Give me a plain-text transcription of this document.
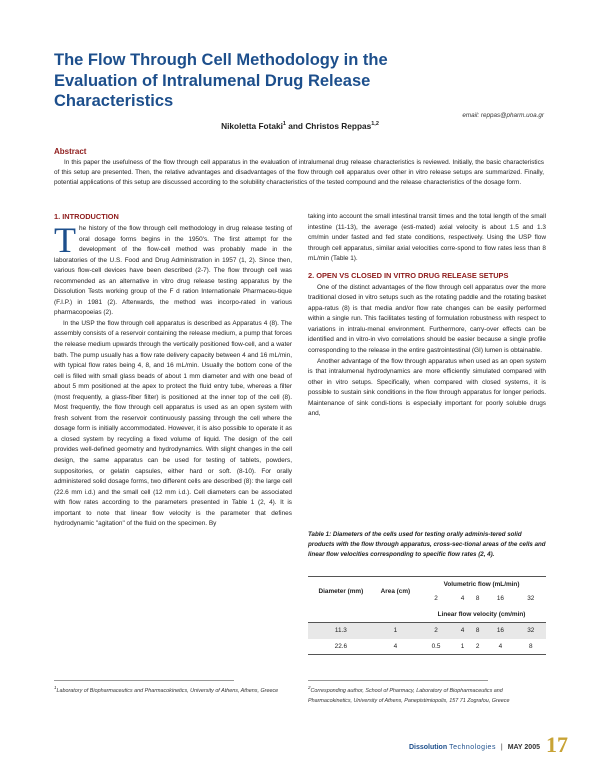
The Flow Through Cell Methodology in the Evaluation of Intralumenal Drug Release Characteristics
email: reppas@pharm.uoa.gr
Nikoletta Fotaki$^1$ and Christos Reppas$^{1,2}$
Abstract

In this paper the usefulness of the flow through cell apparatus in the evaluation of intralumenal drug release characteristics is reviewed. Initially, the basic characteristics of this setup are presented. Then, the relative advantages and disadvantages of the flow through cell apparatus over other in vitro release setups are summarized. Finally, potential applications of this setup are discussed according to the solubility characteristics of the tested compound and the release characteristics of the dosage form.

1. INTRODUCTION
T he history of the flow through cell methodology in drug release testing of oral dosage forms begins in the 1950's. The first attempt for the development of the flow-cell method was probably made in the laboratories of the U.S. Food and Drug Administration in 1957 (1, 2). Since then, various flow-cell devices have been described (2-7). The flow through cell was recommended as an alternative in vitro drug release testing apparatus by the Dissolution Tests working group of the F d ration Internationale Pharmaceu-tique (F.I.P.) in 1981 (2). Afterwards, the method was incorpo-rated in various pharmacopoeias (2).

In the USP the flow through cell apparatus is described as Apparatus 4 (8). The assembly consists of a reservoir containing the release medium, a pump that forces the release medium upwards through the vertically positioned flow-cell, and a water bath. The pump usually has a flow rate delivery capacity between 4 and 16 mL/min, with typical flow rates being 4, 8, and 16 mL/min. Usually the bottom cone of the cell is filled with small glass beads of about 1 mm diameter and with one bead of about 5 mm positioned at the apex to protect the fluid entry tube, whereas a filter (most frequently, a glass-fiber filter) is positioned at the inner top of the cell (8). Most frequently, the flow through cell apparatus is used as an open system with fresh solvent from the reservoir continuously passing through the cell where the dosage form is initially accommodated. However, it is also possible to operate it as a closed system by recycling a fixed volume of liquid. The design of the cell provides well-defined geometry and hydrodynamics. With slight changes in the cell design, the same apparatus can be used for testing of tablets, powders, suppositories, or gelatin capsules, either hard or soft. (8-10). For orally administered solid dosage forms, two different cells are described (8): the large cell (22.6 mm i.d.) and the small cell (12 mm i.d.). Cell diameters can be associated with flow rates according to the parameters presented in Table 1 (2, 4). It is important to note that linear flow velocity is the parameter that defines hydrodynamic "agitation" of the fluid on the specimen. By

taking into account the small intestinal transit times and the total length of the small intestine (11-13), the average (esti-mated) axial velocity is about 1.5 and 1.3 cm/min under fasted and fed state conditions, respectively. Using the USP flow through cell apparatus, similar axial velocities corre-spond to flow rates less than 8 mL/min (Table 1).

2. OPEN VS CLOSED IN VITRO DRUG RELEASE SETUPS

One of the distinct advantages of the flow through cell apparatus over the more traditional closed in vitro setups such as the rotating paddle and the rotating basket appa-ratus (8) is that media and/or flow rate changes can be easily performed within a single run. This facilitates testing of formulation robustness with respect to variations in intralu-menal environment. Furthermore, carry-over effects can be identified and in vitro-in vivo correlations should be easier because a single profile corresponding to the release in the entire gastrointestinal (GI) lumen is obtainable.

Another advantage of the flow through apparatus when used as an open system is that intralumenal hydrodynamics are more efficiently simulated compared with other in vitro setups. Specifically, when compared with closed systems, it is possible to sustain sink conditions in the flow through apparatus for longer periods. Maintenance of sink condi-tions is especially important for poorly soluble drugs and,

Table 1: Diameters of the cells used for testing orally adminis-tered solid products with the flow through apparatus, cross-sec-tional areas of the cells and linear flow velocities corresponding to specific flow rates (2, 4).
Diameter (mm)	Area (cm)	Volumetric flow (mL/min)				
		2	4	8	16	32
		Linear flow velocity (cm/min)				
11.3	1	2	4	8	16	32
22.6	4	0.5	1	2	4	8
$^1$Laboratory of Biopharmaceutics and Pharmacokinetics, University of Athens, Athens, Greece
$^2$Corresponding author, School of Pharmacy, Laboratory of Biopharmaceutics and Pharmacokinetics, University of Athens, Panepistimiopolis, 157 71 Zografou, Greece
Dissolution Technologies | MAY 2005 17
